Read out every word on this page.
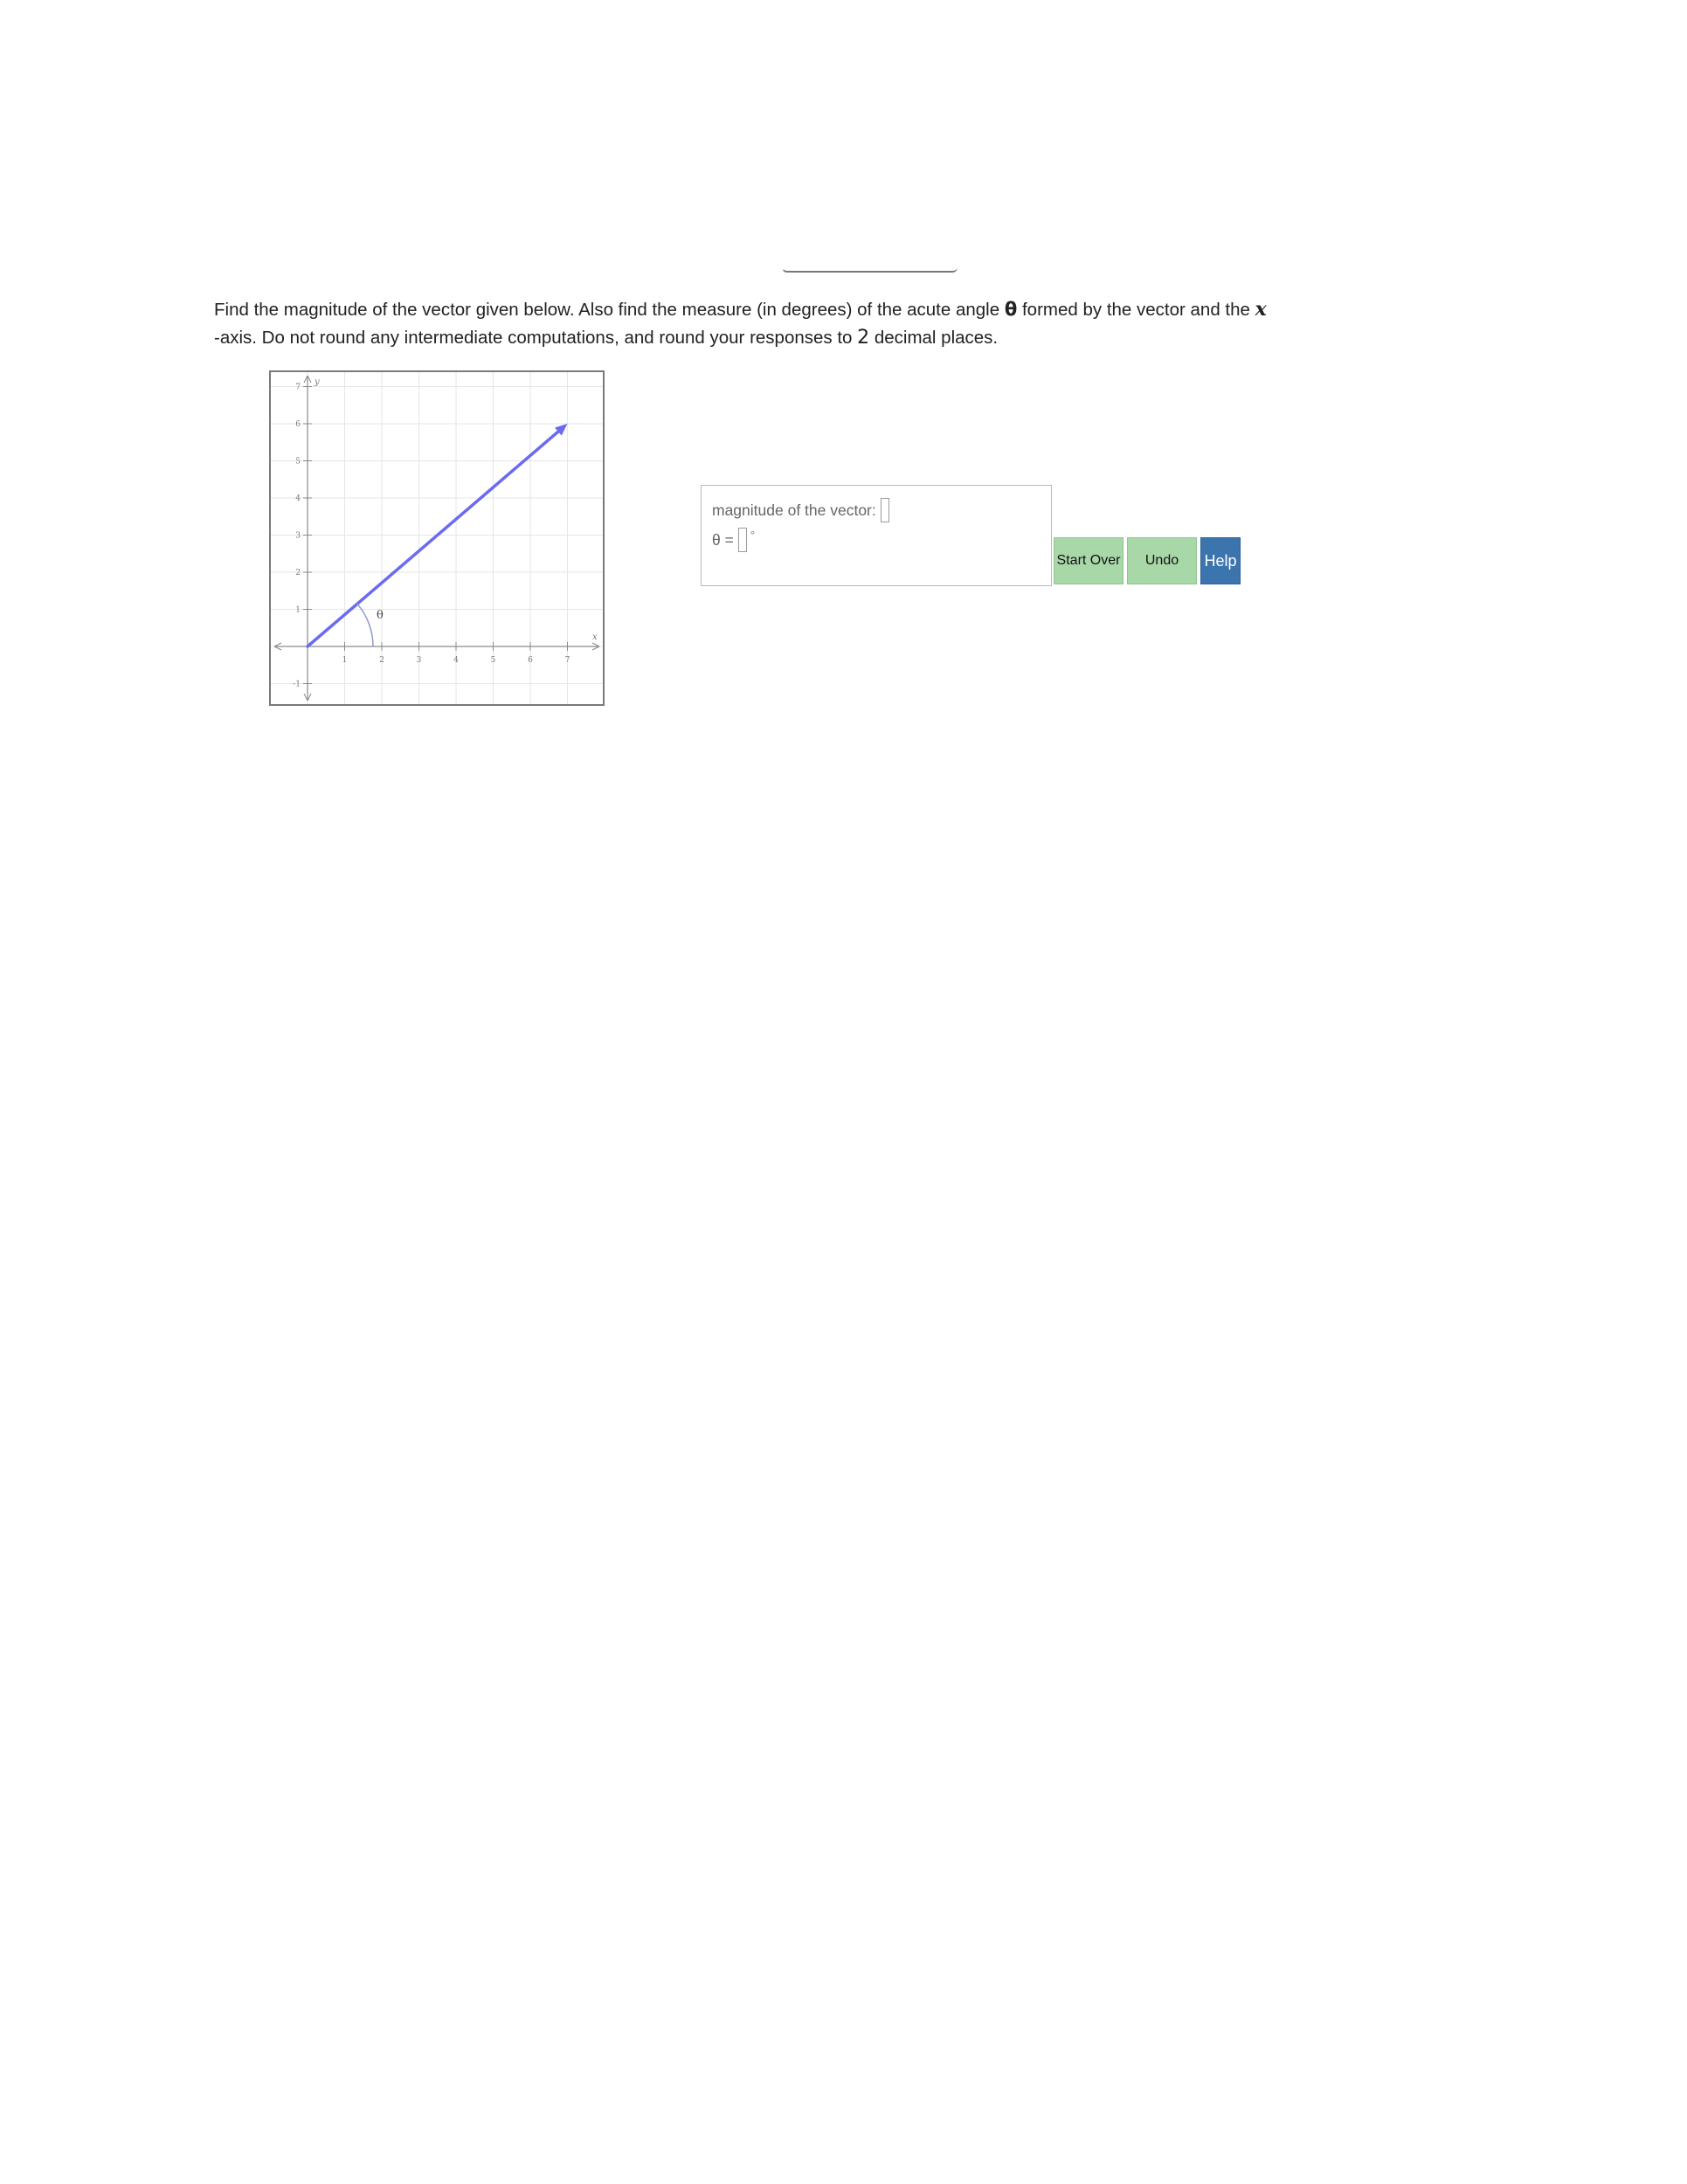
Find the magnitude of the vector given below. Also find the measure (in degrees) of the acute angle θ formed by the vector and the x
-axis. Do not round any intermediate computations, and round your responses to 2 decimal places.
1	2	3	4	5	6	7
-1
1
2
3
4
5
6
7
x
y
θ
magnitude of the vector:
θ = °
Start Over	Undo	Help
